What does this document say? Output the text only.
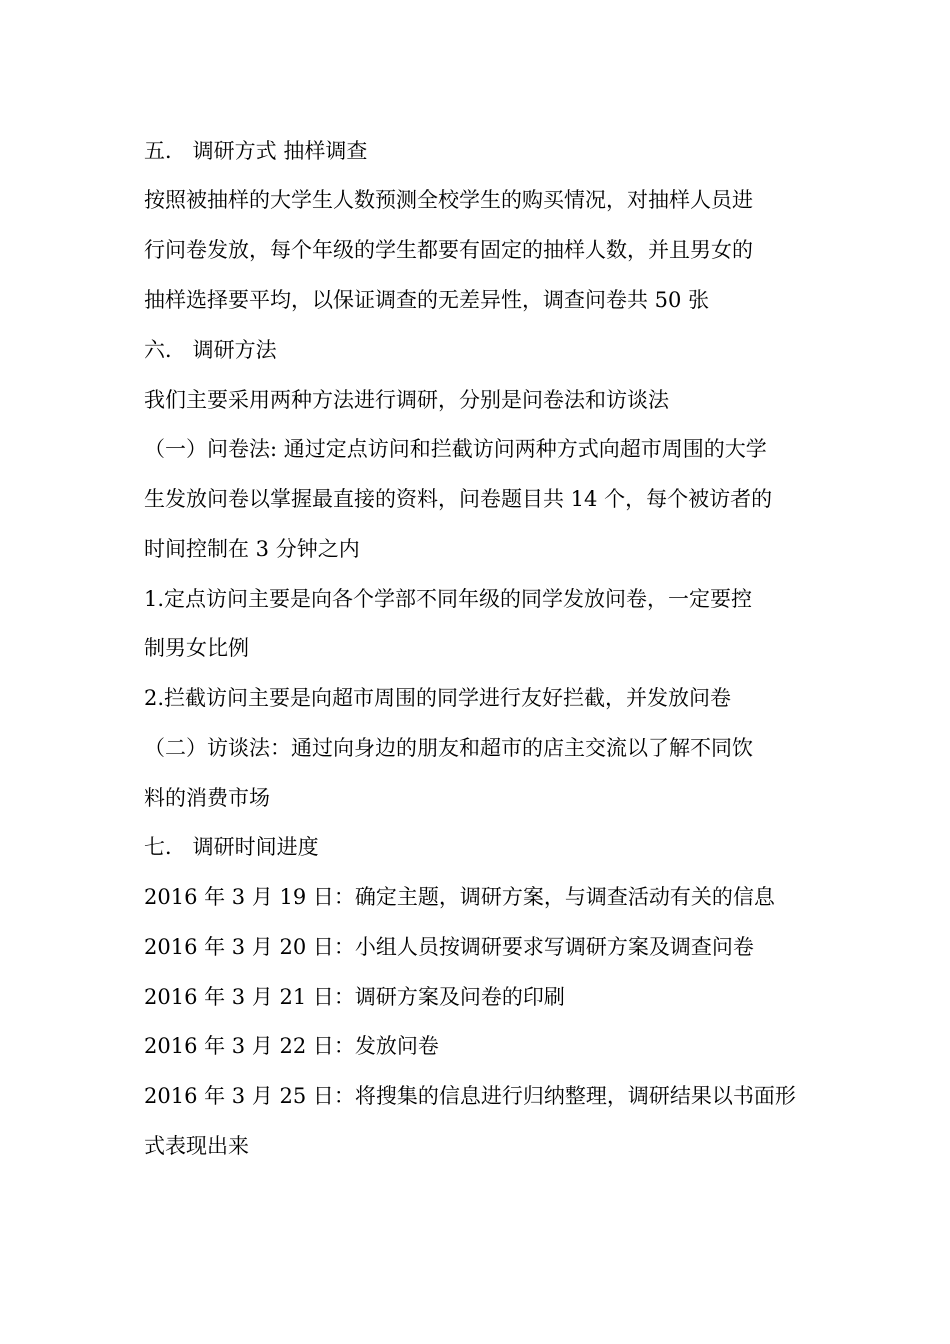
五． 调研方式 抽样调查
按照被抽样的大学生人数预测全校学生的购买情况，对抽样人员进
行问卷发放，每个年级的学生都要有固定的抽样人数，并且男女的
抽样选择要平均，以保证调查的无差异性，调查问卷共 50 张
六． 调研方法
我们主要采用两种方法进行调研，分别是问卷法和访谈法
（一）问卷法: 通过定点访问和拦截访问两种方式向超市周围的大学
生发放问卷以掌握最直接的资料，问卷题目共 14 个，每个被访者的
时间控制在 3 分钟之内
1.定点访问主要是向各个学部不同年级的同学发放问卷，一定要控
制男女比例
2.拦截访问主要是向超市周围的同学进行友好拦截，并发放问卷
（二）访谈法：通过向身边的朋友和超市的店主交流以了解不同饮
料的消费市场
七． 调研时间进度
2016 年 3 月 19 日：确定主题，调研方案，与调查活动有关的信息
2016 年 3 月 20 日：小组人员按调研要求写调研方案及调查问卷
2016 年 3 月 21 日：调研方案及问卷的印刷
2016 年 3 月 22 日：发放问卷
2016 年 3 月 25 日：将搜集的信息进行归纳整理，调研结果以书面形
式表现出来
